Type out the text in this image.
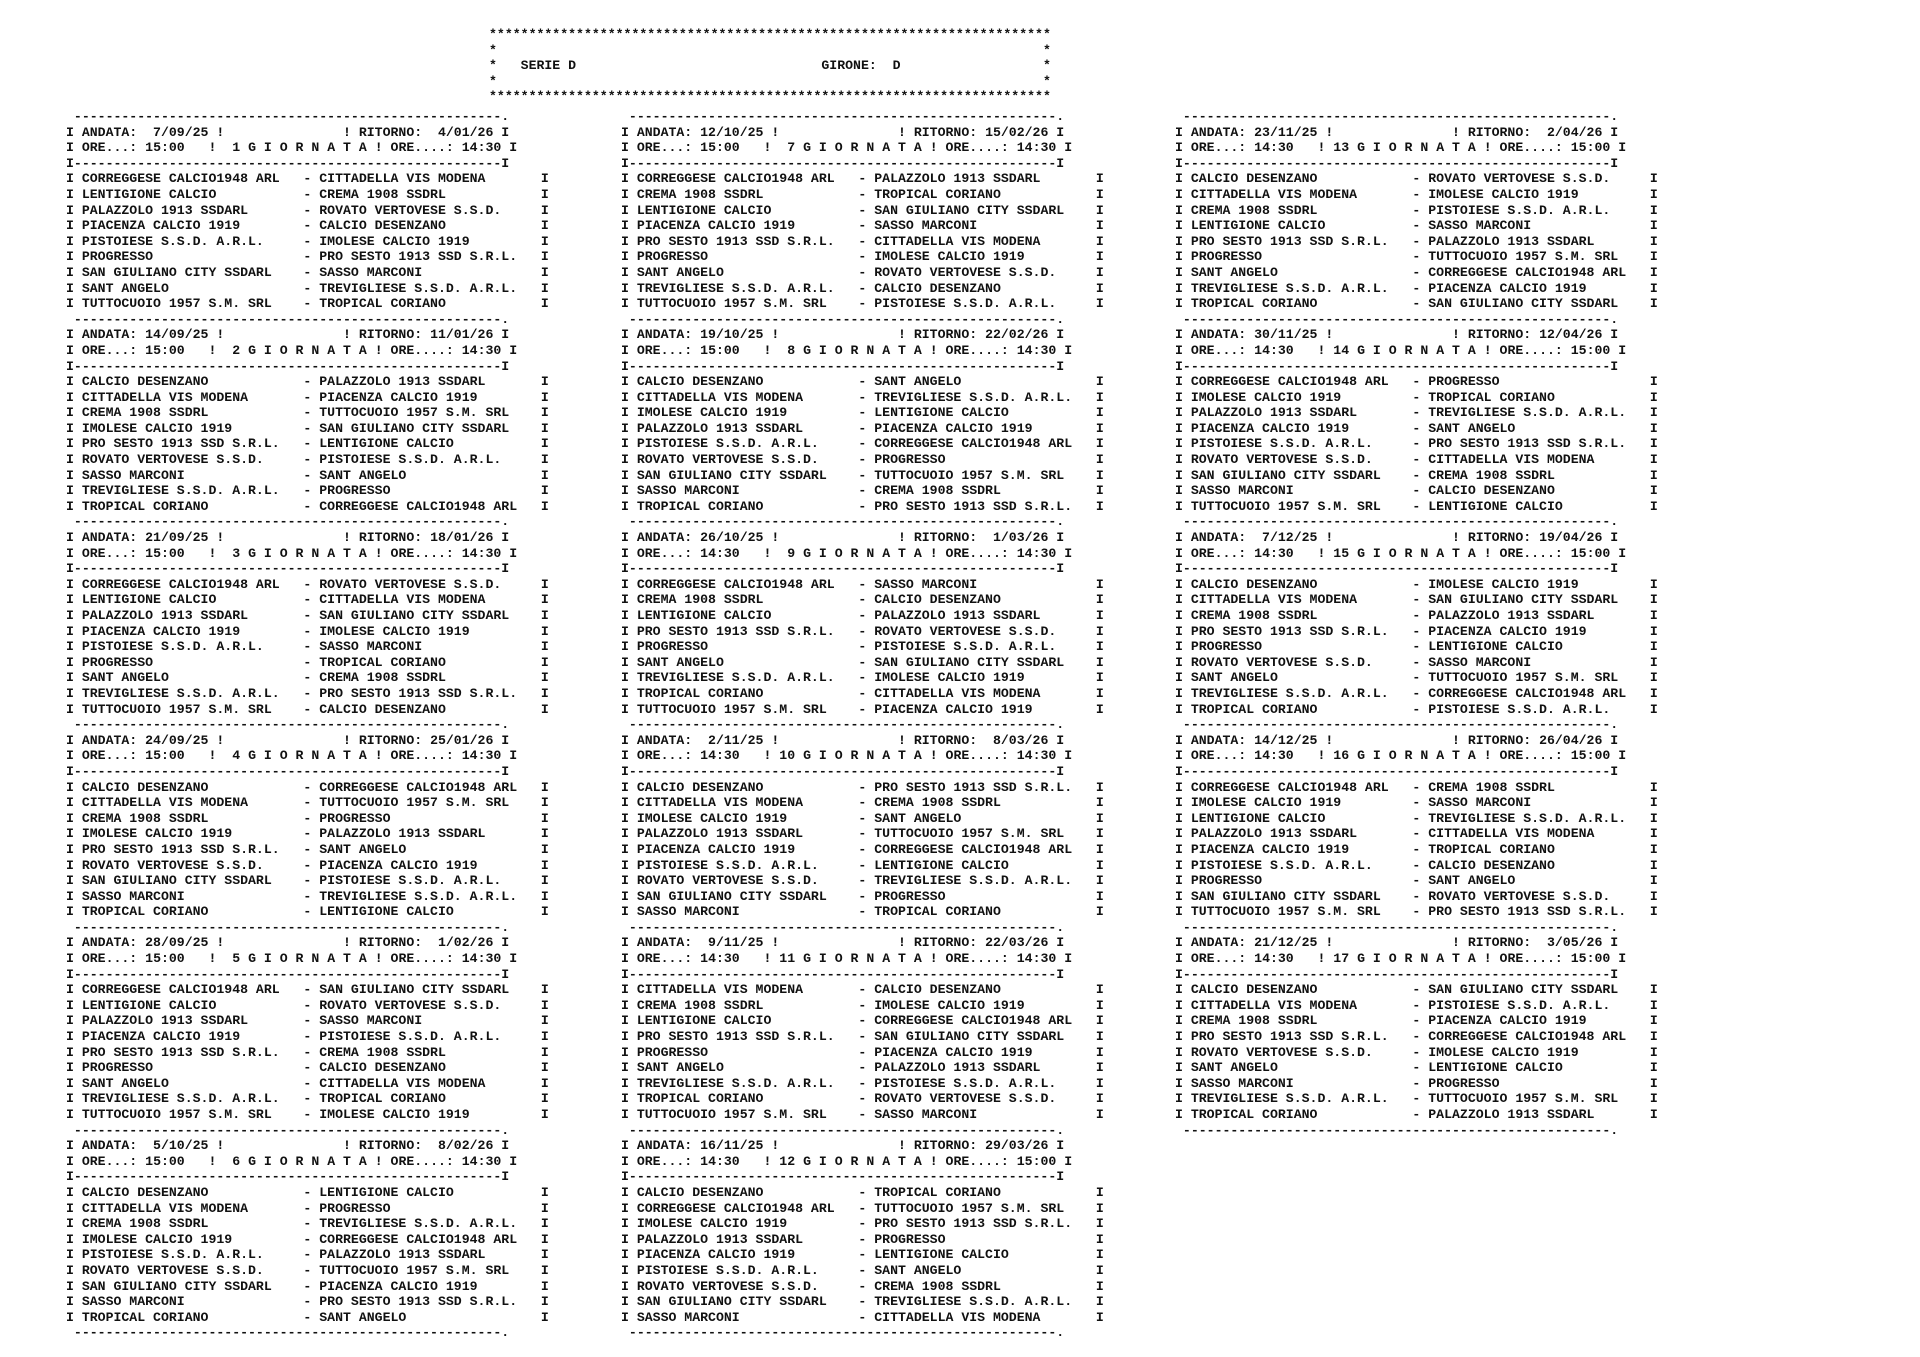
***********************************************************************
*                                                                     *
*   SERIE D	GIRONE: D                  *
*                                                                     *
***********************************************************************
------------------------------------------------------.
I ANDATA:  7/09/25 !	! RITORNO:  4/01/26 I
I ORE...: 15:00   !  1 G I O R N A T A ! ORE....: 14:30 I
I------------------------------------------------------I
I CORREGGESE CALCIO1948 ARL   - CITTADELLA VIS MODENA       I
I LENTIGIONE CALCIO           - CREMA 1908 SSDRL            I
I PALAZZOLO 1913 SSDARL       - ROVATO VERTOVESE S.S.D.     I
I PIACENZA CALCIO 1919        - CALCIO DESENZANO            I
I PISTOIESE S.S.D. A.R.L.     - IMOLESE CALCIO 1919         I
I PROGRESSO                   - PRO SESTO 1913 SSD S.R.L.   I
I SAN GIULIANO CITY SSDARL    - SASSO MARCONI               I
I SANT ANGELO                 - TREVIGLIESE S.S.D. A.R.L.   I
I TUTTOCUOIO 1957 S.M. SRL    - TROPICAL CORIANO            I
------------------------------------------------------.
I ANDATA: 14/09/25 !	! RITORNO: 11/01/26 I
I ORE...: 15:00   !  2 G I O R N A T A ! ORE....: 14:30 I
I------------------------------------------------------I
I CALCIO DESENZANO            - PALAZZOLO 1913 SSDARL       I
I CITTADELLA VIS MODENA       - PIACENZA CALCIO 1919        I
I CREMA 1908 SSDRL            - TUTTOCUOIO 1957 S.M. SRL    I
I IMOLESE CALCIO 1919         - SAN GIULIANO CITY SSDARL    I
I PRO SESTO 1913 SSD S.R.L.   - LENTIGIONE CALCIO           I
I ROVATO VERTOVESE S.S.D.     - PISTOIESE S.S.D. A.R.L.     I
I SASSO MARCONI               - SANT ANGELO                 I
I TREVIGLIESE S.S.D. A.R.L.   - PROGRESSO                   I
I TROPICAL CORIANO            - CORREGGESE CALCIO1948 ARL   I
------------------------------------------------------.
I ANDATA: 21/09/25 !	! RITORNO: 18/01/26 I
I ORE...: 15:00   !  3 G I O R N A T A ! ORE....: 14:30 I
I------------------------------------------------------I
I CORREGGESE CALCIO1948 ARL   - ROVATO VERTOVESE S.S.D.     I
I LENTIGIONE CALCIO           - CITTADELLA VIS MODENA       I
I PALAZZOLO 1913 SSDARL       - SAN GIULIANO CITY SSDARL    I
I PIACENZA CALCIO 1919        - IMOLESE CALCIO 1919         I
I PISTOIESE S.S.D. A.R.L.     - SASSO MARCONI               I
I PROGRESSO                   - TROPICAL CORIANO            I
I SANT ANGELO                 - CREMA 1908 SSDRL            I
I TREVIGLIESE S.S.D. A.R.L.   - PRO SESTO 1913 SSD S.R.L.   I
I TUTTOCUOIO 1957 S.M. SRL    - CALCIO DESENZANO            I
------------------------------------------------------.
I ANDATA: 24/09/25 !	! RITORNO: 25/01/26 I
I ORE...: 15:00   !  4 G I O R N A T A ! ORE....: 14:30 I
I------------------------------------------------------I
I CALCIO DESENZANO            - CORREGGESE CALCIO1948 ARL   I
I CITTADELLA VIS MODENA       - TUTTOCUOIO 1957 S.M. SRL    I
I CREMA 1908 SSDRL            - PROGRESSO                   I
I IMOLESE CALCIO 1919         - PALAZZOLO 1913 SSDARL       I
I PRO SESTO 1913 SSD S.R.L.   - SANT ANGELO                 I
I ROVATO VERTOVESE S.S.D.     - PIACENZA CALCIO 1919        I
I SAN GIULIANO CITY SSDARL    - PISTOIESE S.S.D. A.R.L.     I
I SASSO MARCONI               - TREVIGLIESE S.S.D. A.R.L.   I
I TROPICAL CORIANO            - LENTIGIONE CALCIO           I
------------------------------------------------------.
I ANDATA: 28/09/25 !	! RITORNO:  1/02/26 I
I ORE...: 15:00   !  5 G I O R N A T A ! ORE....: 14:30 I
I------------------------------------------------------I
I CORREGGESE CALCIO1948 ARL   - SAN GIULIANO CITY SSDARL    I
I LENTIGIONE CALCIO           - ROVATO VERTOVESE S.S.D.     I
I PALAZZOLO 1913 SSDARL       - SASSO MARCONI               I
I PIACENZA CALCIO 1919        - PISTOIESE S.S.D. A.R.L.     I
I PRO SESTO 1913 SSD S.R.L.   - CREMA 1908 SSDRL            I
I PROGRESSO                   - CALCIO DESENZANO            I
I SANT ANGELO                 - CITTADELLA VIS MODENA       I
I TREVIGLIESE S.S.D. A.R.L.   - TROPICAL CORIANO            I
I TUTTOCUOIO 1957 S.M. SRL    - IMOLESE CALCIO 1919         I
------------------------------------------------------.
I ANDATA:  5/10/25 !	! RITORNO:  8/02/26 I
I ORE...: 15:00   !  6 G I O R N A T A ! ORE....: 14:30 I
I------------------------------------------------------I
I CALCIO DESENZANO            - LENTIGIONE CALCIO           I
I CITTADELLA VIS MODENA       - PROGRESSO                   I
I CREMA 1908 SSDRL            - TREVIGLIESE S.S.D. A.R.L.   I
I IMOLESE CALCIO 1919         - CORREGGESE CALCIO1948 ARL   I
I PISTOIESE S.S.D. A.R.L.     - PALAZZOLO 1913 SSDARL       I
I ROVATO VERTOVESE S.S.D.     - TUTTOCUOIO 1957 S.M. SRL    I
I SAN GIULIANO CITY SSDARL    - PIACENZA CALCIO 1919        I
I SASSO MARCONI               - PRO SESTO 1913 SSD S.R.L.   I
I TROPICAL CORIANO            - SANT ANGELO                 I
------------------------------------------------------.
------------------------------------------------------.
I ANDATA: 12/10/25 !	! RITORNO: 15/02/26 I
I ORE...: 15:00   !  7 G I O R N A T A ! ORE....: 14:30 I
I------------------------------------------------------I
I CORREGGESE CALCIO1948 ARL   - PALAZZOLO 1913 SSDARL       I
I CREMA 1908 SSDRL            - TROPICAL CORIANO            I
I LENTIGIONE CALCIO           - SAN GIULIANO CITY SSDARL    I
I PIACENZA CALCIO 1919        - SASSO MARCONI               I
I PRO SESTO 1913 SSD S.R.L.   - CITTADELLA VIS MODENA       I
I PROGRESSO                   - IMOLESE CALCIO 1919         I
I SANT ANGELO                 - ROVATO VERTOVESE S.S.D.     I
I TREVIGLIESE S.S.D. A.R.L.   - CALCIO DESENZANO            I
I TUTTOCUOIO 1957 S.M. SRL    - PISTOIESE S.S.D. A.R.L.     I
------------------------------------------------------.
I ANDATA: 19/10/25 !	! RITORNO: 22/02/26 I
I ORE...: 15:00   !  8 G I O R N A T A ! ORE....: 14:30 I
I------------------------------------------------------I
I CALCIO DESENZANO            - SANT ANGELO                 I
I CITTADELLA VIS MODENA       - TREVIGLIESE S.S.D. A.R.L.   I
I IMOLESE CALCIO 1919         - LENTIGIONE CALCIO           I
I PALAZZOLO 1913 SSDARL       - PIACENZA CALCIO 1919        I
I PISTOIESE S.S.D. A.R.L.     - CORREGGESE CALCIO1948 ARL   I
I ROVATO VERTOVESE S.S.D.     - PROGRESSO                   I
I SAN GIULIANO CITY SSDARL    - TUTTOCUOIO 1957 S.M. SRL    I
I SASSO MARCONI               - CREMA 1908 SSDRL            I
I TROPICAL CORIANO            - PRO SESTO 1913 SSD S.R.L.   I
------------------------------------------------------.
I ANDATA: 26/10/25 !	! RITORNO:  1/03/26 I
I ORE...: 14:30   !  9 G I O R N A T A ! ORE....: 14:30 I
I------------------------------------------------------I
I CORREGGESE CALCIO1948 ARL   - SASSO MARCONI               I
I CREMA 1908 SSDRL            - CALCIO DESENZANO            I
I LENTIGIONE CALCIO           - PALAZZOLO 1913 SSDARL       I
I PRO SESTO 1913 SSD S.R.L.   - ROVATO VERTOVESE S.S.D.     I
I PROGRESSO                   - PISTOIESE S.S.D. A.R.L.     I
I SANT ANGELO                 - SAN GIULIANO CITY SSDARL    I
I TREVIGLIESE S.S.D. A.R.L.   - IMOLESE CALCIO 1919         I
I TROPICAL CORIANO            - CITTADELLA VIS MODENA       I
I TUTTOCUOIO 1957 S.M. SRL    - PIACENZA CALCIO 1919        I
------------------------------------------------------.
I ANDATA:  2/11/25 !	! RITORNO:  8/03/26 I
I ORE...: 14:30   ! 10 G I O R N A T A ! ORE....: 14:30 I
I------------------------------------------------------I
I CALCIO DESENZANO            - PRO SESTO 1913 SSD S.R.L.   I
I CITTADELLA VIS MODENA       - CREMA 1908 SSDRL            I
I IMOLESE CALCIO 1919         - SANT ANGELO                 I
I PALAZZOLO 1913 SSDARL       - TUTTOCUOIO 1957 S.M. SRL    I
I PIACENZA CALCIO 1919        - CORREGGESE CALCIO1948 ARL   I
I PISTOIESE S.S.D. A.R.L.     - LENTIGIONE CALCIO           I
I ROVATO VERTOVESE S.S.D.     - TREVIGLIESE S.S.D. A.R.L.   I
I SAN GIULIANO CITY SSDARL    - PROGRESSO                   I
I SASSO MARCONI               - TROPICAL CORIANO            I
------------------------------------------------------.
I ANDATA:  9/11/25 !	! RITORNO: 22/03/26 I
I ORE...: 14:30   ! 11 G I O R N A T A ! ORE....: 14:30 I
I------------------------------------------------------I
I CITTADELLA VIS MODENA       - CALCIO DESENZANO            I
I CREMA 1908 SSDRL            - IMOLESE CALCIO 1919         I
I LENTIGIONE CALCIO           - CORREGGESE CALCIO1948 ARL   I
I PRO SESTO 1913 SSD S.R.L.   - SAN GIULIANO CITY SSDARL    I
I PROGRESSO                   - PIACENZA CALCIO 1919        I
I SANT ANGELO                 - PALAZZOLO 1913 SSDARL       I
I TREVIGLIESE S.S.D. A.R.L.   - PISTOIESE S.S.D. A.R.L.     I
I TROPICAL CORIANO            - ROVATO VERTOVESE S.S.D.     I
I TUTTOCUOIO 1957 S.M. SRL    - SASSO MARCONI               I
------------------------------------------------------.
I ANDATA: 16/11/25 !	! RITORNO: 29/03/26 I
I ORE...: 14:30   ! 12 G I O R N A T A ! ORE....: 15:00 I
I------------------------------------------------------I
I CALCIO DESENZANO            - TROPICAL CORIANO            I
I CORREGGESE CALCIO1948 ARL   - TUTTOCUOIO 1957 S.M. SRL    I
I IMOLESE CALCIO 1919         - PRO SESTO 1913 SSD S.R.L.   I
I PALAZZOLO 1913 SSDARL       - PROGRESSO                   I
I PIACENZA CALCIO 1919        - LENTIGIONE CALCIO           I
I PISTOIESE S.S.D. A.R.L.     - SANT ANGELO                 I
I ROVATO VERTOVESE S.S.D.     - CREMA 1908 SSDRL            I
I SAN GIULIANO CITY SSDARL    - TREVIGLIESE S.S.D. A.R.L.   I
I SASSO MARCONI               - CITTADELLA VIS MODENA       I
------------------------------------------------------.
------------------------------------------------------.
I ANDATA: 23/11/25 !	! RITORNO:  2/04/26 I
I ORE...: 14:30   ! 13 G I O R N A T A ! ORE....: 15:00 I
I------------------------------------------------------I
I CALCIO DESENZANO            - ROVATO VERTOVESE S.S.D.     I
I CITTADELLA VIS MODENA       - IMOLESE CALCIO 1919         I
I CREMA 1908 SSDRL            - PISTOIESE S.S.D. A.R.L.     I
I LENTIGIONE CALCIO           - SASSO MARCONI               I
I PRO SESTO 1913 SSD S.R.L.   - PALAZZOLO 1913 SSDARL       I
I PROGRESSO                   - TUTTOCUOIO 1957 S.M. SRL    I
I SANT ANGELO                 - CORREGGESE CALCIO1948 ARL   I
I TREVIGLIESE S.S.D. A.R.L.   - PIACENZA CALCIO 1919        I
I TROPICAL CORIANO            - SAN GIULIANO CITY SSDARL    I
------------------------------------------------------.
I ANDATA: 30/11/25 !	! RITORNO: 12/04/26 I
I ORE...: 14:30   ! 14 G I O R N A T A ! ORE....: 15:00 I
I------------------------------------------------------I
I CORREGGESE CALCIO1948 ARL   - PROGRESSO                   I
I IMOLESE CALCIO 1919         - TROPICAL CORIANO            I
I PALAZZOLO 1913 SSDARL       - TREVIGLIESE S.S.D. A.R.L.   I
I PIACENZA CALCIO 1919        - SANT ANGELO                 I
I PISTOIESE S.S.D. A.R.L.     - PRO SESTO 1913 SSD S.R.L.   I
I ROVATO VERTOVESE S.S.D.     - CITTADELLA VIS MODENA       I
I SAN GIULIANO CITY SSDARL    - CREMA 1908 SSDRL            I
I SASSO MARCONI               - CALCIO DESENZANO            I
I TUTTOCUOIO 1957 S.M. SRL    - LENTIGIONE CALCIO           I
------------------------------------------------------.
I ANDATA:  7/12/25 !	! RITORNO: 19/04/26 I
I ORE...: 14:30   ! 15 G I O R N A T A ! ORE....: 15:00 I
I------------------------------------------------------I
I CALCIO DESENZANO            - IMOLESE CALCIO 1919         I
I CITTADELLA VIS MODENA       - SAN GIULIANO CITY SSDARL    I
I CREMA 1908 SSDRL            - PALAZZOLO 1913 SSDARL       I
I PRO SESTO 1913 SSD S.R.L.   - PIACENZA CALCIO 1919        I
I PROGRESSO                   - LENTIGIONE CALCIO           I
I ROVATO VERTOVESE S.S.D.     - SASSO MARCONI               I
I SANT ANGELO                 - TUTTOCUOIO 1957 S.M. SRL    I
I TREVIGLIESE S.S.D. A.R.L.   - CORREGGESE CALCIO1948 ARL   I
I TROPICAL CORIANO            - PISTOIESE S.S.D. A.R.L.     I
------------------------------------------------------.
I ANDATA: 14/12/25 !	! RITORNO: 26/04/26 I
I ORE...: 14:30   ! 16 G I O R N A T A ! ORE....: 15:00 I
I------------------------------------------------------I
I CORREGGESE CALCIO1948 ARL   - CREMA 1908 SSDRL            I
I IMOLESE CALCIO 1919         - SASSO MARCONI               I
I LENTIGIONE CALCIO           - TREVIGLIESE S.S.D. A.R.L.   I
I PALAZZOLO 1913 SSDARL       - CITTADELLA VIS MODENA       I
I PIACENZA CALCIO 1919        - TROPICAL CORIANO            I
I PISTOIESE S.S.D. A.R.L.     - CALCIO DESENZANO            I
I PROGRESSO                   - SANT ANGELO                 I
I SAN GIULIANO CITY SSDARL    - ROVATO VERTOVESE S.S.D.     I
I TUTTOCUOIO 1957 S.M. SRL    - PRO SESTO 1913 SSD S.R.L.   I
------------------------------------------------------.
I ANDATA: 21/12/25 !	! RITORNO:  3/05/26 I
I ORE...: 14:30   ! 17 G I O R N A T A ! ORE....: 15:00 I
I------------------------------------------------------I
I CALCIO DESENZANO            - SAN GIULIANO CITY SSDARL    I
I CITTADELLA VIS MODENA       - PISTOIESE S.S.D. A.R.L.     I
I CREMA 1908 SSDRL            - PIACENZA CALCIO 1919        I
I PRO SESTO 1913 SSD S.R.L.   - CORREGGESE CALCIO1948 ARL   I
I ROVATO VERTOVESE S.S.D.     - IMOLESE CALCIO 1919         I
I SANT ANGELO                 - LENTIGIONE CALCIO           I
I SASSO MARCONI               - PROGRESSO                   I
I TREVIGLIESE S.S.D. A.R.L.   - TUTTOCUOIO 1957 S.M. SRL    I
I TROPICAL CORIANO            - PALAZZOLO 1913 SSDARL       I
------------------------------------------------------.
